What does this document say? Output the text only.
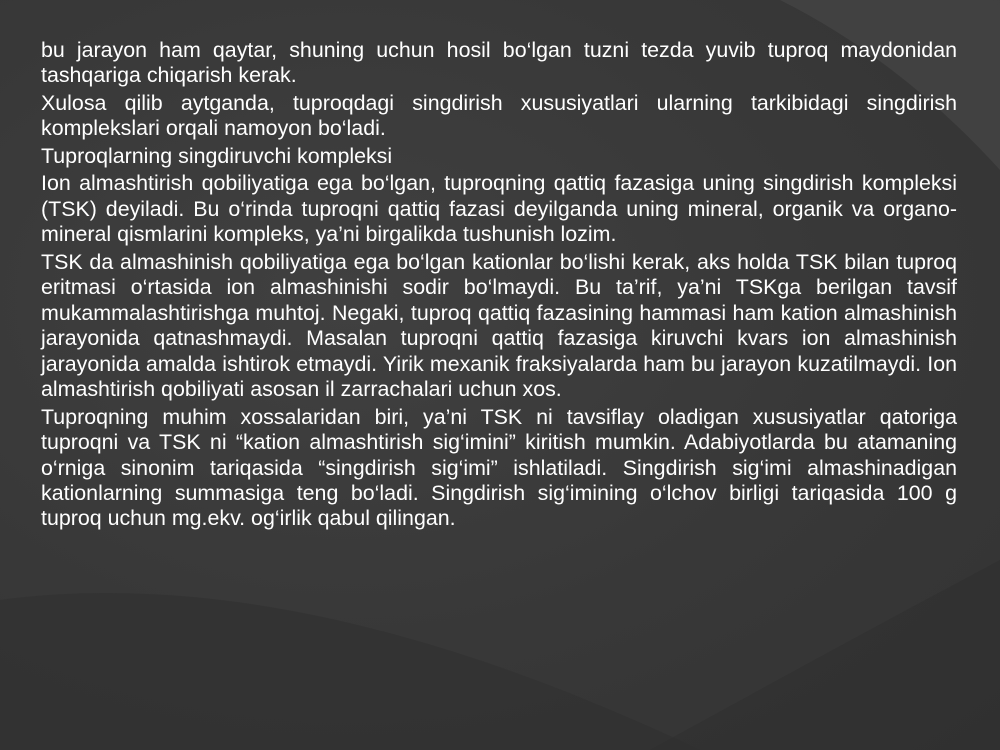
bu jarayon ham qaytar, shuning uchun hosil bo‘lgan tuzni tezda yuvib tuproq maydonidan tashqariga chiqarish kerak.

Xulosa qilib aytganda, tuproqdagi singdirish xususiyatlari ularning tarkibidagi singdirish komplekslari orqali namoyon bo‘ladi.

Tuproqlarning singdiruvchi kompleksi

Ion almashtirish qobiliyatiga ega bo‘lgan, tuproqning qattiq fazasiga uning singdirish kompleksi (TSK) deyiladi. Bu o‘rinda tuproqni qattiq fazasi deyilganda uning mineral, organik va organo-mineral qismlarini kompleks, ya’ni birgalikda tushunish lozim.

TSK da almashinish qobiliyatiga ega bo‘lgan kationlar bo‘lishi kerak, aks holda TSK bilan tuproq eritmasi o‘rtasida ion almashinishi sodir bo‘lmaydi. Bu ta’rif, ya’ni TSKga berilgan tavsif mukammalashtirishga muhtoj. Negaki, tuproq qattiq fazasining hammasi ham kation almashinish jarayonida qatnashmaydi. Masalan tuproqni qattiq fazasiga kiruvchi kvars ion almashinish jarayonida amalda ishtirok etmaydi. Yirik mexanik fraksiyalarda ham bu jarayon kuzatilmaydi. Ion almashtirish qobiliyati asosan il zarrachalari uchun xos.

Tuproqning muhim xossalaridan biri, ya’ni TSK ni tavsiflay oladigan xususiyatlar qatoriga tuproqni va TSK ni “kation almashtirish sig‘imini” kiritish mumkin. Adabiyotlarda bu atamaning o‘rniga sinonim tariqasida “singdirish sig‘imi” ishlatiladi. Singdirish sig‘imi almashinadigan kationlarning summasiga teng bo‘ladi. Singdirish sig‘imining o‘lchov birligi tariqasida 100 g tuproq uchun mg.ekv. og‘irlik qabul qilingan.
